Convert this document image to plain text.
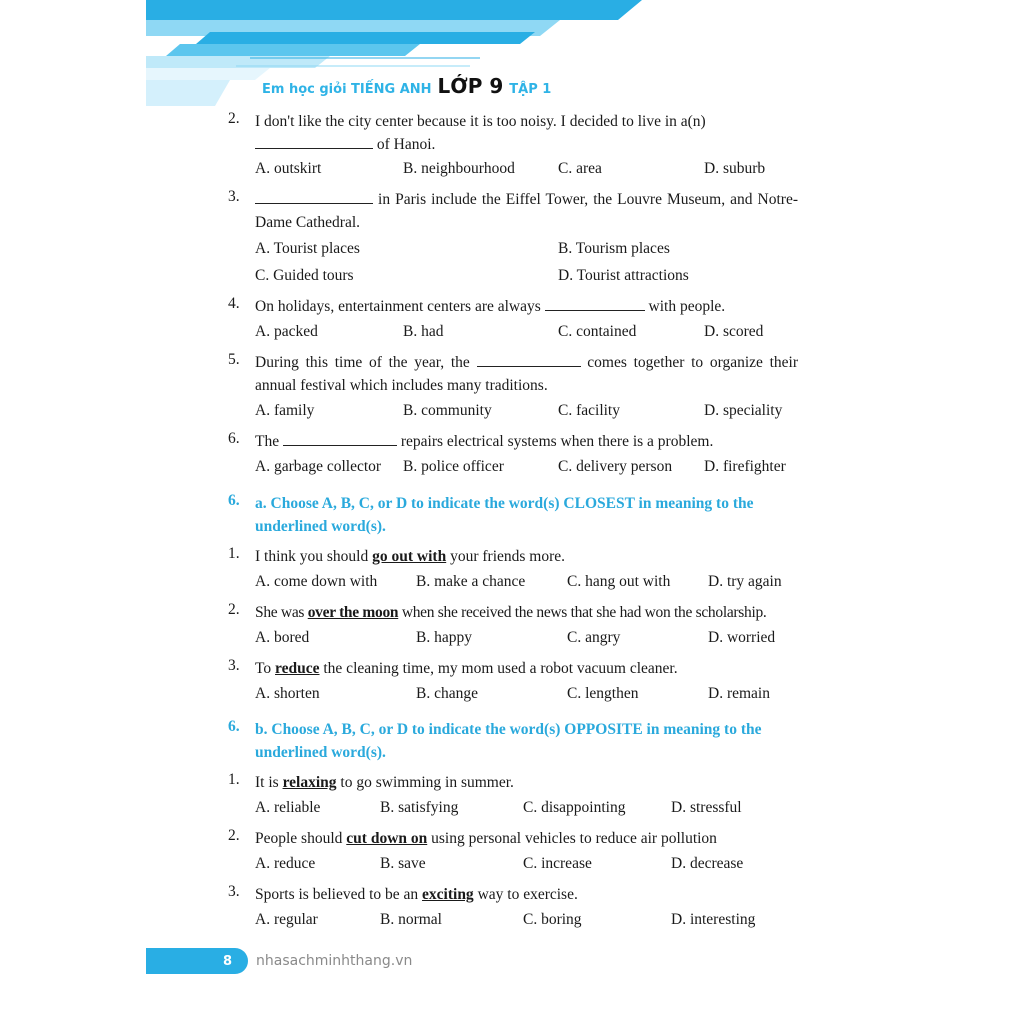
Em học giỏi TIẾNG ANH LỚP 9 TẬP 1
2. I don't like the city center because it is too noisy. I decided to live in a(n)
of Hanoi.
A. outskirt	B. neighbourhood	C. area	D. suburb
3.	in Paris include the Eiffel Tower, the Louvre Museum, and Notre-Dame Cathedral.
A. Tourist places	B. Tourism places
C. Guided tours	D. Tourist attractions
4. On holidays, entertainment centers are always	with people.
A. packed	B. had	C. contained	D. scored
5. During this time of the year, the	comes together to organize their annual festival which includes many traditions.
A. family	B. community	C. facility	D. speciality
6. The	repairs electrical systems when there is a problem.
A. garbage collector B. police officer	C. delivery person D. firefighter
6. a. Choose A, B, C, or D to indicate the word(s) CLOSEST in meaning to the underlined word(s).
1. I think you should go out with your friends more.
A. come down with B. make a chance	C. hang out with D. try again
2. She was over the moon when she received the news that she had won the scholarship.
A. bored	B. happy	C. angry	D. worried
3. To reduce the cleaning time, my mom used a robot vacuum cleaner.
A. shorten	B. change	C. lengthen	D. remain
6. b. Choose A, B, C, or D to indicate the word(s) OPPOSITE in meaning to the underlined word(s).
1. It is relaxing to go swimming in summer.
A. reliable	B. satisfying	C. disappointing	D. stressful
2. People should cut down on using personal vehicles to reduce air pollution
A. reduce	B. save	C. increase	D. decrease
3. Sports is believed to be an exciting way to exercise.
A. regular	B. normal	C. boring	D. interesting
8	nhasachminhthang.vn
